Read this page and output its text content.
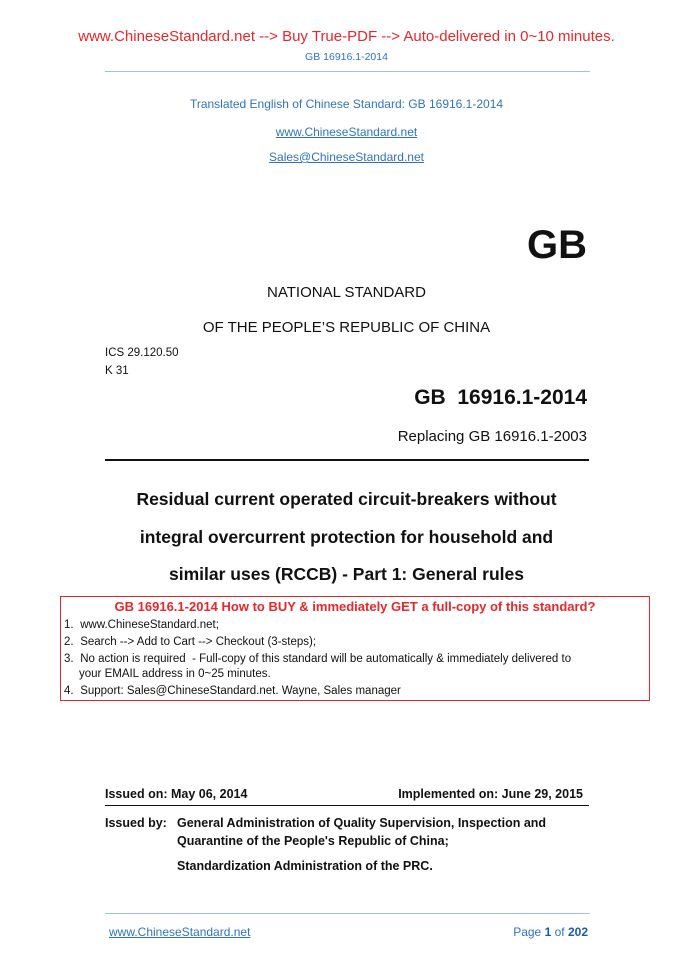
www.ChineseStandard.net --> Buy True-PDF --> Auto-delivered in 0~10 minutes.
GB 16916.1-2014
Translated English of Chinese Standard: GB 16916.1-2014
www.ChineseStandard.net
Sales@ChineseStandard.net
GB
NATIONAL STANDARD
OF THE PEOPLE’S REPUBLIC OF CHINA
ICS 29.120.50
K 31
GB  16916.1-2014
Replacing GB 16916.1-2003
Residual current operated circuit-breakers without
integral overcurrent protection for household and
similar uses (RCCB) - Part 1: General rules
GB 16916.1-2014 How to BUY & immediately GET a full-copy of this standard?
1. www.ChineseStandard.net;
2. Search --> Add to Cart --> Checkout (3-steps);
3. No action is required  - Full-copy of this standard will be automatically & immediately delivered to
your EMAIL address in 0~25 minutes.
4. Support: Sales@ChineseStandard.net. Wayne, Sales manager
Issued on: May 06, 2014	Implemented on: June 29, 2015
Issued by: General Administration of Quality Supervision, Inspection and
Quarantine of the People's Republic of China;
Standardization Administration of the PRC.
www.ChineseStandard.net	Page 1 of 202
